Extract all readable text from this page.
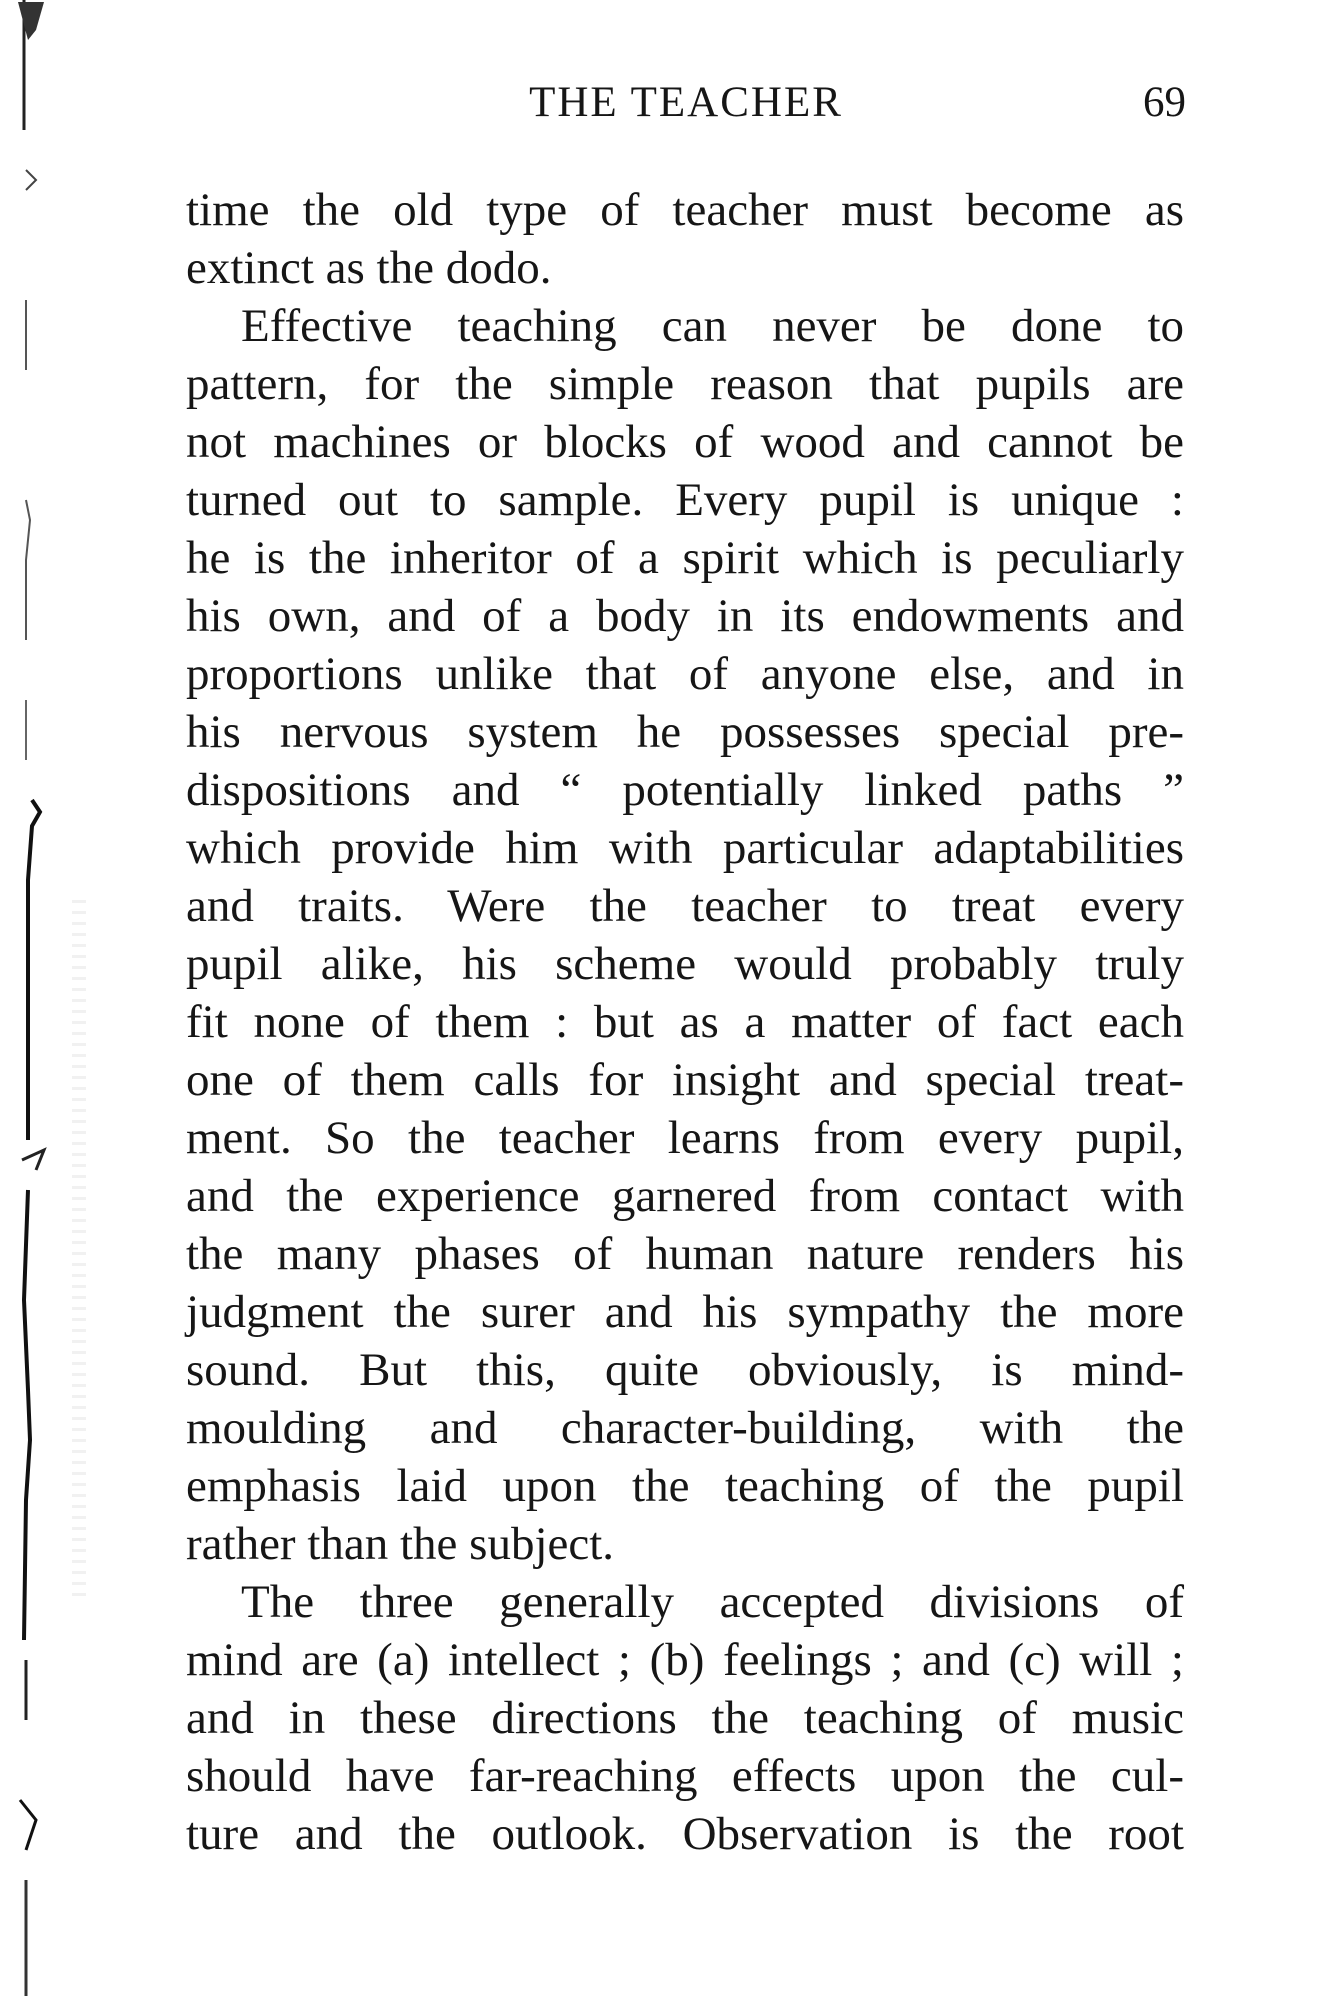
THE TEACHER	69
time the old type of teacher must become as
extinct as the dodo.
Effective teaching can never be done to
pattern, for the simple reason that pupils are
not machines or blocks of wood and cannot be
turned out to sample. Every pupil is unique :
he is the inheritor of a spirit which is peculiarly
his own, and of a body in its endowments and
proportions unlike that of anyone else, and in
his nervous system he possesses special pre-
dispositions and “ potentially linked paths ”
which provide him with particular adaptabilities
and traits. Were the teacher to treat every
pupil alike, his scheme would probably truly
fit none of them : but as a matter of fact each
one of them calls for insight and special treat-
ment. So the teacher learns from every pupil,
and the experience garnered from contact with
the many phases of human nature renders his
judgment the surer and his sympathy the more
sound. But this, quite obviously, is mind-
moulding and character-building, with the
emphasis laid upon the teaching of the pupil
rather than the subject.
The three generally accepted divisions of
mind are (a) intellect ; (b) feelings ; and (c) will ;
and in these directions the teaching of music
should have far-reaching effects upon the cul-
ture and the outlook. Observation is the root
